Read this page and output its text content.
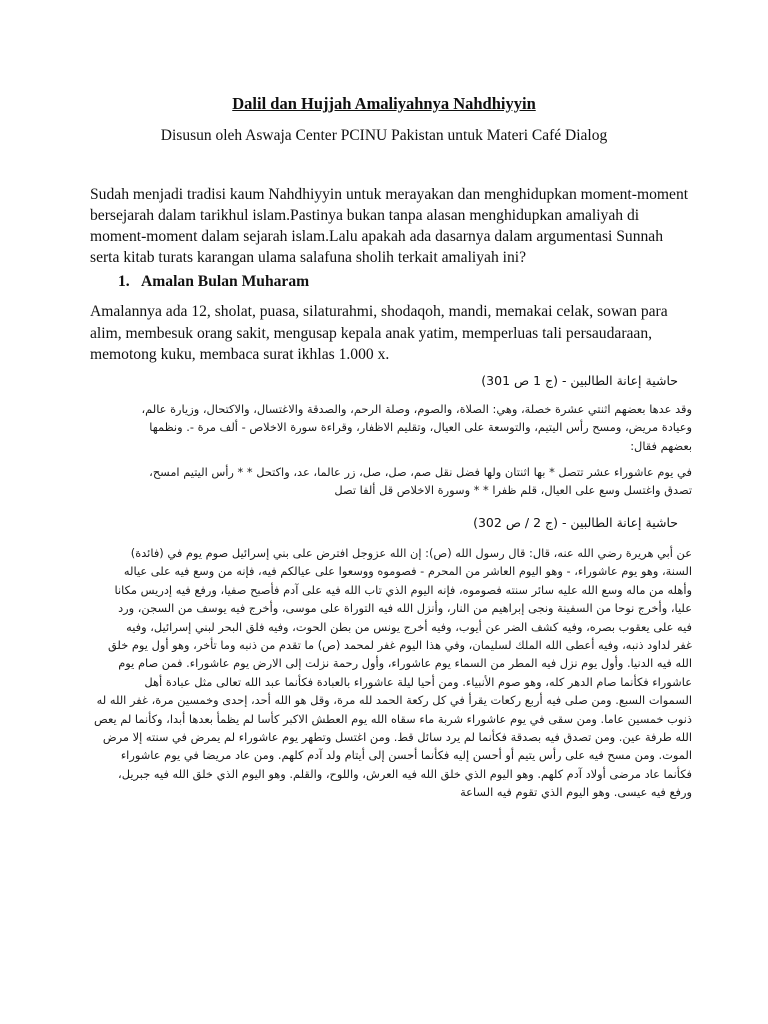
Dalil dan Hujjah Amaliyahnya Nahdhiyyin
Disusun oleh Aswaja Center PCINU Pakistan untuk Materi Café Dialog

Sudah menjadi tradisi kaum Nahdhiyyin untuk merayakan dan menghidupkan moment-moment bersejarah dalam tarikhul islam.Pastinya bukan tanpa alasan menghidupkan amaliyah di moment-moment dalam sejarah islam.Lalu apakah ada dasarnya dalam argumentasi Sunnah serta kitab turats karangan ulama salafuna sholih terkait amaliyah ini?

1. Amalan Bulan Muharam

Amalannya ada 12, sholat, puasa, silaturahmi, shodaqoh, mandi, memakai celak, sowan para alim, membesuk orang sakit, mengusap kepala anak yatim, memperluas tali persaudaraan, memotong kuku, membaca surat ikhlas 1.000 x.

حاشية إعانة الطالبين - (ج 1 ص 301)

وقد عدها بعضهم اثنتي عشرة خصلة، وهي: الصلاة، والصوم، وصلة الرحم، والصدقة والاغتسال، والاكتحال، وزيارة عالم،
وعيادة مريض، ومسح رأس اليتيم، والتوسعة على العيال، وتقليم الاظفار، وقراءة سورة الاخلاص - ألف مرة -. ونظمها
بعضهم فقال:
في يوم عاشوراء عشر تتصل * بها اثنتان ولها فضل نقل صم، صل، صل، زر عالما، عد، واكتحل * * رأس اليتيم امسح،
تصدق واغتسل وسع على العيال، قلم ظفرا * * وسورة الاخلاص قل ألفا تصل

حاشية إعانة الطالبين - (ج 2 / ص 302)

عن أبي هريرة رضي الله عنه، قال: قال رسول الله (ص): إن الله عزوجل افترض على بني إسرائيل صوم يوم في (فائدة)
السنة، وهو يوم عاشوراء، - وهو اليوم العاشر من المحرم - فصوموه ووسعوا على عيالكم فيه، فإنه من وسع فيه على عياله
وأهله من ماله وسع الله عليه سائر سنته فصوموه، فإنه اليوم الذي تاب الله فيه على آدم فأصبح صفيا، ورفع فيه إدريس مكانا
عليا، وأخرج نوحا من السفينة ونجى إبراهيم من النار، وأنزل الله فيه التوراة على موسى، وأخرج فيه يوسف من السجن، ورد
فيه على يعقوب بصره، وفيه كشف الضر عن أيوب، وفيه أخرج يونس من بطن الحوت، وفيه فلق البحر لبني إسرائيل، وفيه
غفر لداود ذنبه، وفيه أعطى الله الملك لسليمان، وفي هذا اليوم غفر لمحمد (ص) ما تقدم من ذنبه وما تأخر، وهو أول يوم خلق
الله فيه الدنيا. وأول يوم نزل فيه المطر من السماء يوم عاشوراء، وأول رحمة نزلت إلى الارض يوم عاشوراء. فمن صام يوم
عاشوراء فكأنما صام الدهر كله، وهو صوم الأنبياء. ومن أحيا ليلة عاشوراء بالعبادة فكأنما عبد الله تعالى مثل عبادة أهل
السموات السبع. ومن صلى فيه أربع ركعات يقرأ في كل ركعة الحمد لله مرة، وقل هو الله أحد، إحدى وخمسين مرة، غفر الله له
ذنوب خمسين عاما. ومن سقى في يوم عاشوراء شربة ماء سقاه الله يوم العطش الاكبر كأسا لم يظمأ بعدها أبدا، وكأنما لم يعص
الله طرفة عين. ومن تصدق فيه بصدقة فكأنما لم يرد سائل قط. ومن اغتسل وتطهر يوم عاشوراء لم يمرض في سنته إلا مرض
الموت. ومن مسح فيه على رأس يتيم أو أحسن إليه فكأنما أحسن إلى أيتام ولد آدم كلهم. ومن عاد مريضا في يوم عاشوراء
فكأنما عاد مرضى أولاد آدم كلهم. وهو اليوم الذي خلق الله فيه العرش، واللوح، والقلم. وهو اليوم الذي خلق الله فيه جبريل،
ورفع فيه عيسى. وهو اليوم الذي تقوم فيه الساعة
